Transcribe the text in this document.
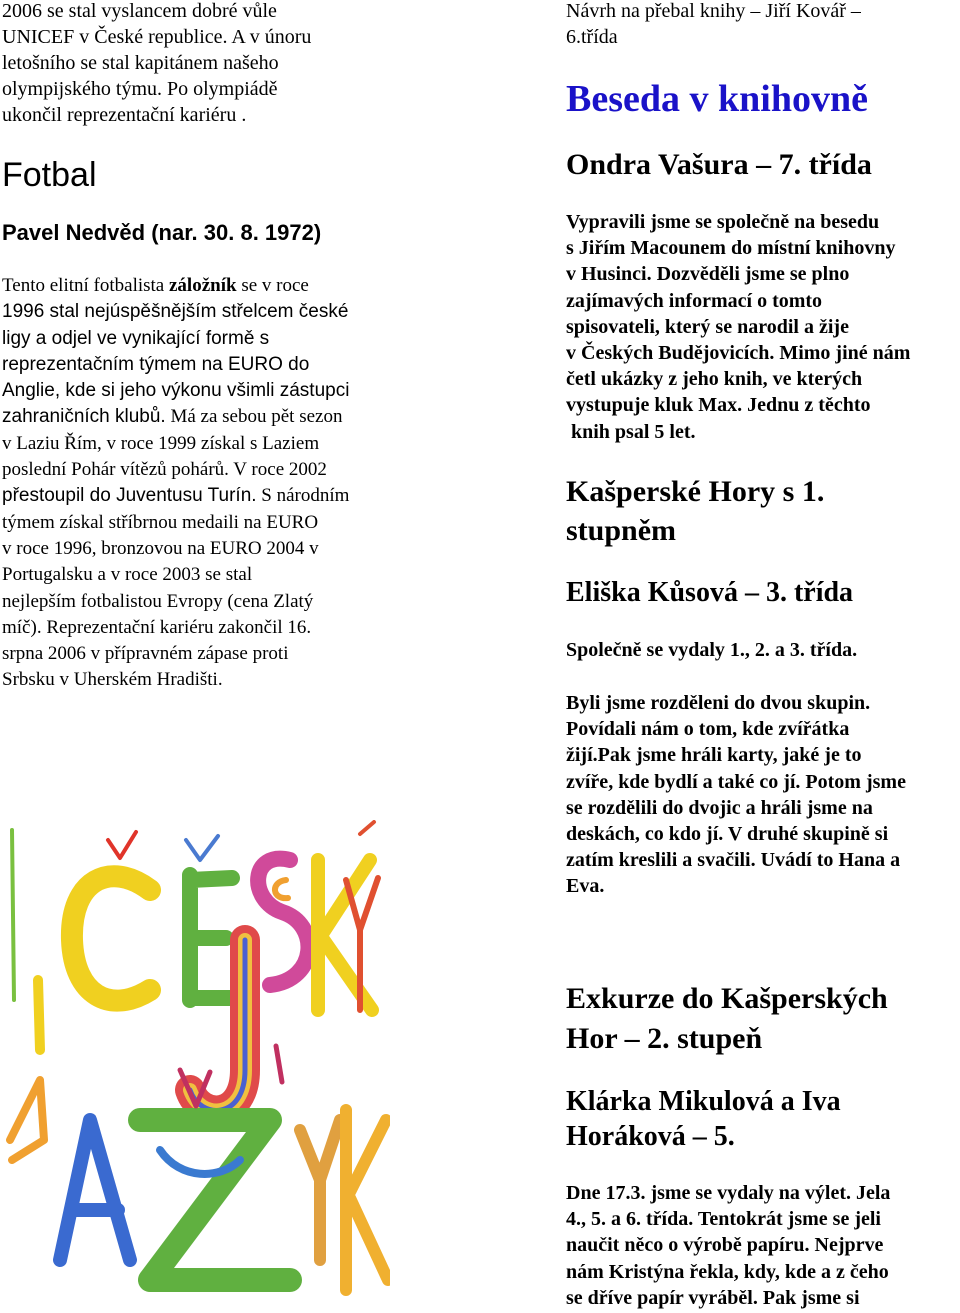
2006 se stal vyslancem dobré vůle

UNICEF v České republice. A v únoru

letošního se stal kapitánem našeho

olympijského týmu. Po olympiádě

ukončil reprezentační kariéru .

Fotbal
Pavel Nedvěd (nar. 30. 8. 1972)

Tento elitní fotbalista záložník se v roce

1996 stal nejúspěšnějším střelcem české

ligy a odjel ve vynikající formě s

reprezentačním týmem na EURO do

Anglie, kde si jeho výkonu všimli zástupci

zahraničních klubů. Má za sebou pět sezon

v Laziu Řím, v roce 1999 získal s Laziem

poslední Pohár vítězů pohárů. V roce 2002

přestoupil do Juventusu Turín. S národním

týmem získal stříbrnou medaili na EURO

v roce 1996, bronzovou na EURO 2004 v

Portugalsku a v roce 2003 se stal

nejlepším fotbalistou Evropy (cena Zlatý

míč). Reprezentační kariéru zakončil 16.

srpna 2006 v přípravném zápase proti

Srbsku v Uherském Hradišti.

Návrh na přebal knihy – Jiří Kovář –

6.třída

Beseda v knihovně
Ondra Vašura – 7. třída

Vypravili jsme se společně na besedu

s Jiřím Macounem do místní knihovny

v Husinci. Dozvěděli jsme se plno

zajímavých informací o tomto

spisovateli, který se narodil a žije

v Českých Budějovicích. Mimo jiné nám

četl ukázky z jeho knih, ve kterých

vystupuje kluk Max. Jednu z těchto

knih psal 5 let.

Kašperské Hory s 1.

stupněm

Eliška Kůsová – 3. třída
Společně se vydaly 1., 2. a 3. třída.

Byli jsme rozděleni do dvou skupin.

Povídali nám o tom, kde zvířátka

žijí.Pak jsme hráli karty, jaké je to

zvíře, kde bydlí a také co jí. Potom jsme

se rozdělili do dvojic a hráli jsme na

deskách, co kdo jí. V druhé skupině si

zatím kreslili a svačili. Uvádí to Hana a

Eva.

Exkurze do Kašperských

Hor – 2. stupeň

Klárka Mikulová a Iva

Horáková – 5.

Dne 17.3. jsme se vydaly na výlet. Jela

4., 5. a 6. třída. Tentokrát jsme se jeli

naučit něco o výrobě papíru. Nejprve

nám Kristýna řekla, kdy, kde a z čeho

se dříve papír vyráběl. Pak jsme si
